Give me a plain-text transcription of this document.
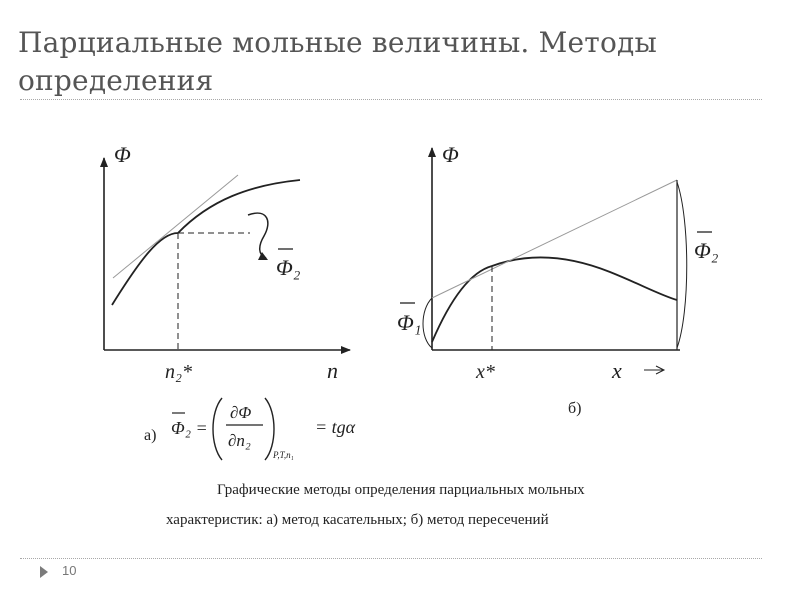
Парциальные мольные величины. Методы определения
Φ
n
n₂*
Φ₂
Φ
x
x*
Φ₁
Φ₂
б)
а) Φ₂ =
∂Φ
∂n₂
P,T,n₁
= tgα
Графические методы определения парциальных мольных
характеристик: а) метод касательных; б) метод пересечений
10
